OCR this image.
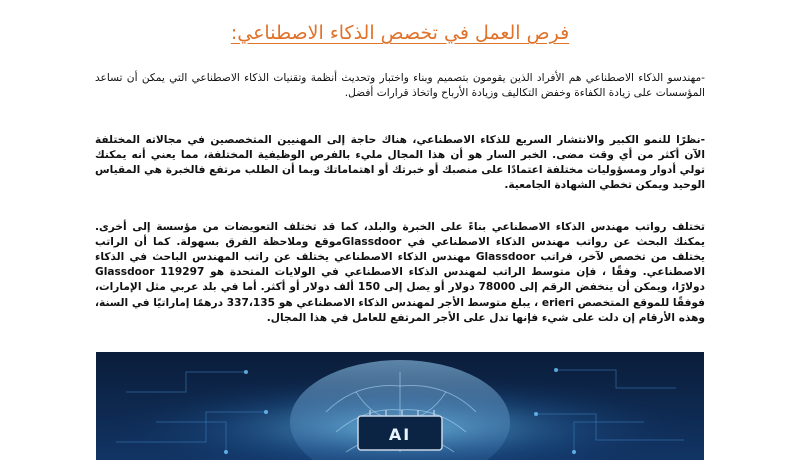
فرص العمل في تخصص الذكاء الاصطناعي:

-مهندسو الذكاء الاصطناعي هم الأفراد الذين يقومون بتصميم وبناء واختبار وتحديث أنظمة وتقنيات الذكاء الاصطناعي التي يمكن أن تساعد المؤسسات على زيادة الكفاءة وخفض التكاليف وزيادة الأرباح واتخاذ قرارات أفضل.

-نظرًا للنمو الكبير والانتشار السريع للذكاء الاصطناعي، هناك حاجة إلى المهنيين المتخصصين في مجالاته المختلفة الآن أكثر من أي وقت مضى. الخبر السار هو أن هذا المجال مليء بالفرص الوظيفية المختلفة، مما يعني أنه يمكنك تولي أدوار ومسؤوليات مختلفة اعتمادًا على منصبك أو خبرتك أو اهتماماتك وبما أن الطلب مرتفع فالخبرة هي المقياس الوحيد ويمكن تخطي الشهادة الجامعية.

تختلف رواتب مهندس الذكاء الاصطناعي بناءً على الخبرة والبلد، كما قد تختلف التعويضات من مؤسسة إلى أخرى. يمكنك البحث عن رواتب مهندس الذكاء الاصطناعي في Glassdoorموقع وملاحظة الفرق بسهولة. كما أن الراتب يختلف من تخصص لآخر، فراتب Glassdoor مهندس الذكاء الاصطناعي يختلف عن راتب المهندس الباحث في الذكاء الاصطناعي. وفقًا ، فإن متوسط الراتب لمهندس الذكاء الاصطناعي في الولايات المتحدة هو Glassdoor 119297 دولارًا، ويمكن أن ينخفض الرقم إلى 78000 دولار أو يصل إلى 150 ألف دولار أو أكثر. أما في بلد عربي مثل الإمارات، فوفقًا للموقع المتخصص erieri ، يبلغ متوسط الأجر لمهندس الذكاء الاصطناعي هو 337،135 درهمًا إماراتيًا في السنة، وهذه الأرقام إن دلت على شيء فإنها تدل على الأجر المرتفع للعامل في هذا المجال.

AI
